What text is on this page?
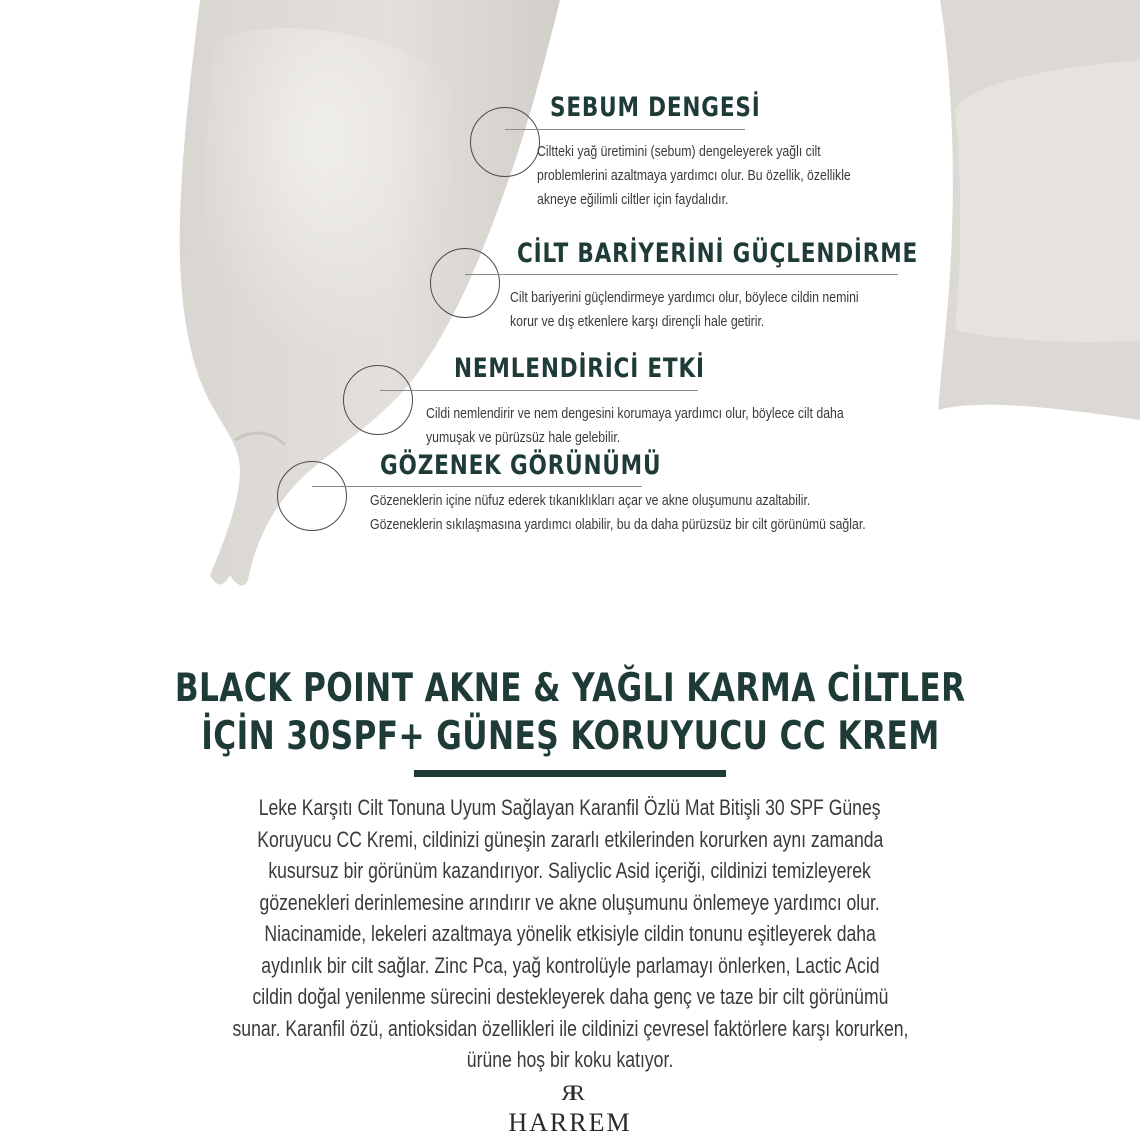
SEBUM DENGESİ
Ciltteki yağ üretimini (sebum) dengeleyerek yağlı cilt
problemlerini azaltmaya yardımcı olur. Bu özellik, özellikle
akneye eğilimli ciltler için faydalıdır.
CİLT BARİYERİNİ GÜÇLENDİRME
Cilt bariyerini güçlendirmeye yardımcı olur, böylece cildin nemini
korur ve dış etkenlere karşı dirençli hale getirir.
NEMLENDİRİCİ ETKİ
Cildi nemlendirir ve nem dengesini korumaya yardımcı olur, böylece cilt daha
yumuşak ve pürüzsüz hale gelebilir.
GÖZENEK GÖRÜNÜMÜ
Gözeneklerin içine nüfuz ederek tıkanıklıkları açar ve akne oluşumunu azaltabilir.
Gözeneklerin sıkılaşmasına yardımcı olabilir, bu da daha pürüzsüz bir cilt görünümü sağlar.
BLACK POINT AKNE & YAĞLI KARMA CİLTLER
İÇİN 30SPF+ GÜNEŞ KORUYUCU CC KREM
Leke Karşıtı Cilt Tonuna Uyum Sağlayan Karanfil Özlü Mat Bitişli 30 SPF Güneş
Koruyucu CC Kremi, cildinizi güneşin zararlı etkilerinden korurken aynı zamanda
kusursuz bir görünüm kazandırıyor. Saliyclic Asid içeriği, cildinizi temizleyerek
gözenekleri derinlemesine arındırır ve akne oluşumunu önlemeye yardımcı olur.
Niacinamide, lekeleri azaltmaya yönelik etkisiyle cildin tonunu eşitleyerek daha
aydınlık bir cilt sağlar. Zinc Pca, yağ kontrolüyle parlamayı önlerken, Lactic Acid
cildin doğal yenilenme sürecini destekleyerek daha genç ve taze bir cilt görünümü
sunar. Karanfil özü, antioksidan özellikleri ile cildinizi çevresel faktörlere karşı korurken,
ürüne hoş bir koku katıyor.
ЯR
HARREM
